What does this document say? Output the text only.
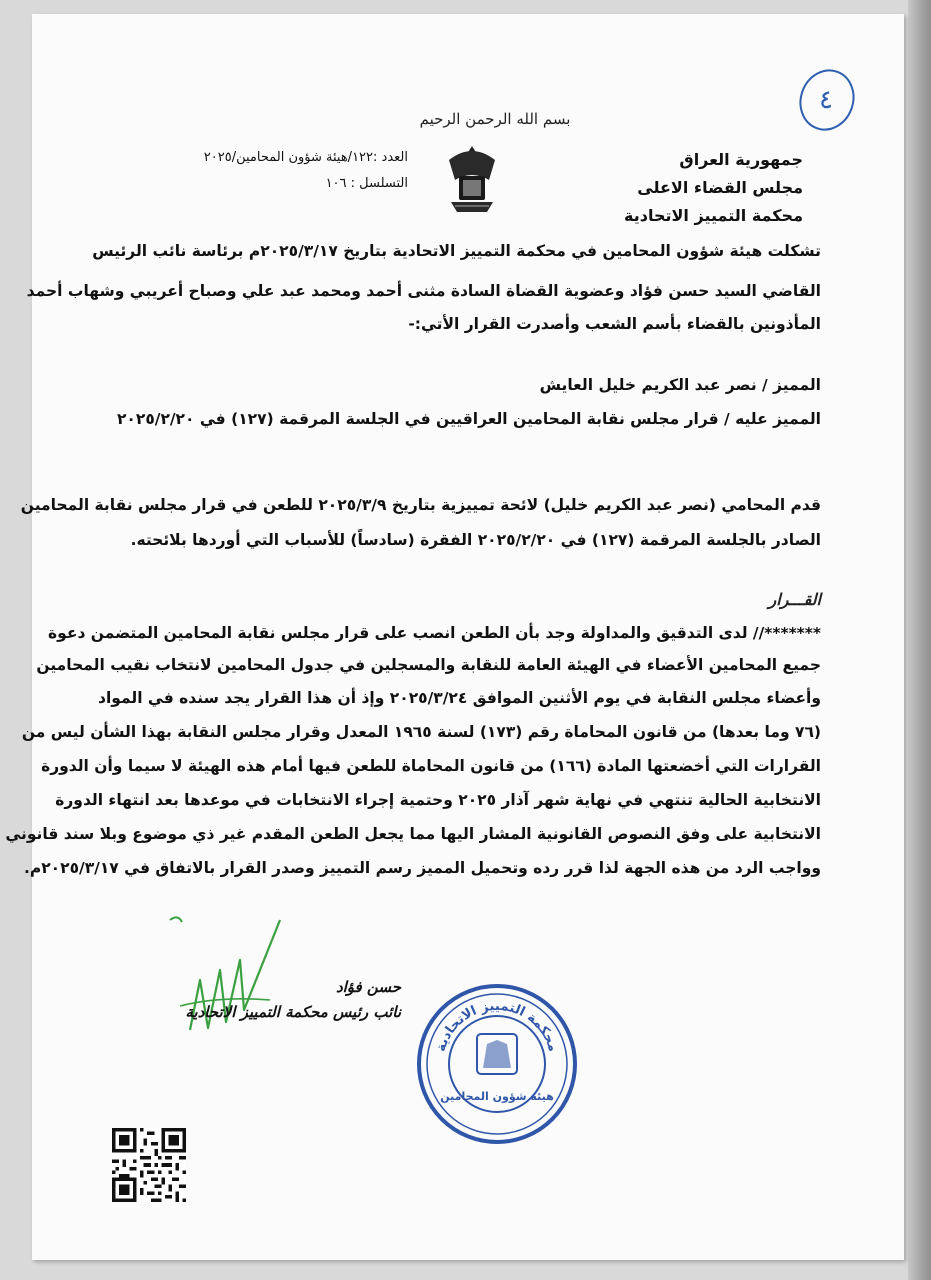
٤
بسم الله الرحمن الرحيم
جمهورية العراق
مجلس القضاء الاعلى
محكمة التمييز الاتحادية
العدد :١٢٢/هيئة شؤون المحامين/٢٠٢٥
التسلسل : ١٠٦
تشكلت هيئة شؤون المحامين في محكمة التمييز الاتحادية بتاريخ ٢٠٢٥/٣/١٧م برئاسة نائب الرئيس
القاضي السيد حسن فؤاد وعضوية القضاة السادة مثنى أحمد ومحمد عبد علي وصباح أعريبي وشهاب أحمد
المأذونين بالقضاء بأسم الشعب وأصدرت القرار الأتي:-
المميز / نصر عبد الكريم خليل العايش
المميز عليه / قرار مجلس نقابة المحامين العراقيين في الجلسة المرقمة (١٢٧) في ٢٠٢٥/٢/٢٠
قدم المحامي (نصر عبد الكريم خليل) لائحة تمييزية بتاريخ ٢٠٢٥/٣/٩ للطعن في قرار مجلس نقابة المحامين
الصادر بالجلسة المرقمة (١٢٧) في ٢٠٢٥/٢/٢٠ الفقرة (سادساً) للأسباب التي أوردها بلائحته.
القـــرار
*******// لدى التدقيق والمداولة وجد بأن الطعن انصب على قرار مجلس نقابة المحامين المتضمن دعوة
جميع المحامين الأعضاء في الهيئة العامة للنقابة والمسجلين في جدول المحامين لانتخاب نقيب المحامين
وأعضاء مجلس النقابة في يوم الأثنين الموافق ٢٠٢٥/٣/٢٤ وإذ أن هذا القرار يجد سنده في المواد
(٧٦ وما بعدها) من قانون المحاماة رقم (١٧٣) لسنة ١٩٦٥ المعدل وقرار مجلس النقابة بهذا الشأن ليس من
القرارات التي أخضعتها المادة (١٦٦) من قانون المحاماة للطعن فيها أمام هذه الهيئة لا سيما وأن الدورة
الانتخابية الحالية تنتهي في نهاية شهر آذار ٢٠٢٥ وحتمية إجراء الانتخابات في موعدها بعد انتهاء الدورة
الانتخابية على وفق النصوص القانونية المشار اليها مما يجعل الطعن المقدم غير ذي موضوع وبلا سند قانوني
وواجب الرد من هذه الجهة لذا قرر رده وتحميل المميز رسم التمييز وصدر القرار بالاتفاق في ٢٠٢٥/٣/١٧م.
حسن فؤاد
نائب رئيس محكمة التمييز الاتحادية
محكمة التمييز الاتحادية
هيئة شؤون المحامين
